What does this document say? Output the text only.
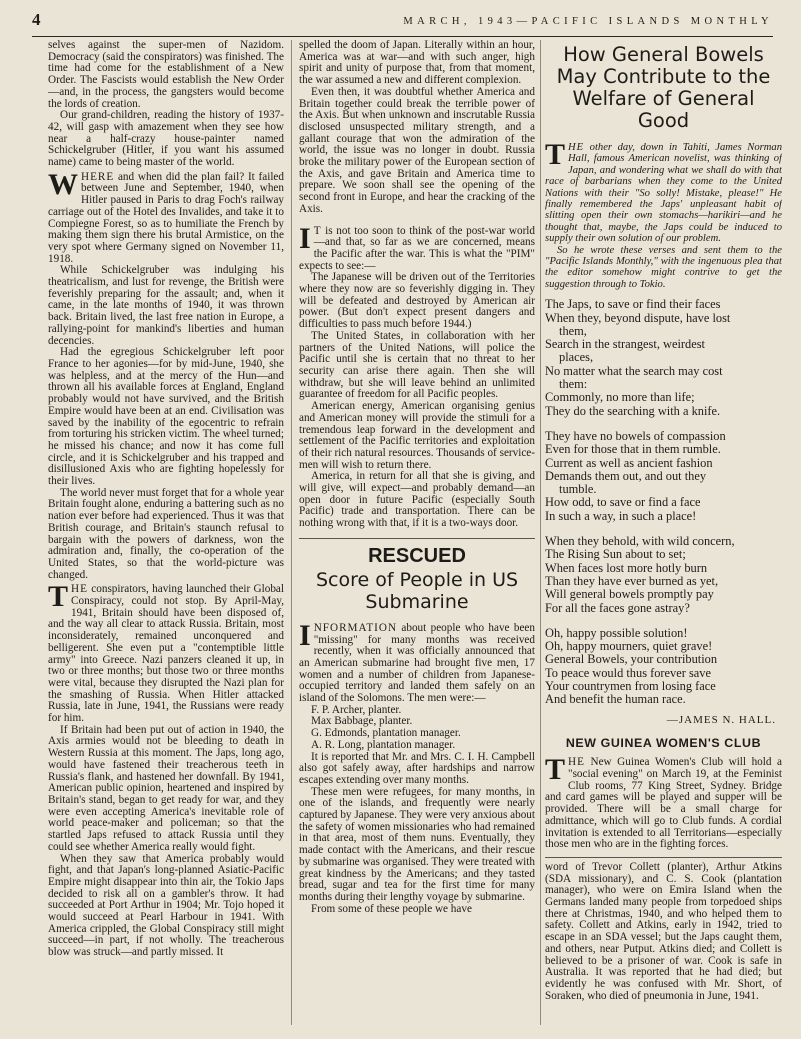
4	MARCH, 1943—PACIFIC ISLANDS MONTHLY

selves against the super-men of Nazidom. Democracy (said the conspirators) was finished. The time had come for the establishment of a New Order. The Fascists would establish the New Order—and, in the process, the gangsters would become the lords of creation.

Our grand-children, reading the history of 1937-42, will gasp with amazement when they see how near a half-crazy house-painter named Schickelgruber (Hitler, if you want his assumed name) came to being master of the world.

WHERE and when did the plan fail? It failed between June and September, 1940, when Hitler paused in Paris to drag Foch's railway carriage out of the Hotel des Invalides, and take it to Compiegne Forest, so as to humiliate the French by making them sign there his brutal Armistice, on the very spot where Germany signed on November 11, 1918.

While Schickelgruber was indulging his theatricalism, and lust for revenge, the British were feverishly preparing for the assault; and, when it came, in the late months of 1940, it was thrown back. Britain lived, the last free nation in Europe, a rallying-point for mankind's liberties and human decencies.

Had the egregious Schickelgruber left poor France to her agonies—for by mid-June, 1940, she was helpless, and at the mercy of the Hun—and thrown all his available forces at England, England probably would not have survived, and the British Empire would have been at an end. Civilisation was saved by the inability of the egocentric to refrain from torturing his stricken victim. The wheel turned; he missed his chance; and now it has come full circle, and it is Schickelgruber and his trapped and disillusioned Axis who are fighting hopelessly for their lives.

The world never must forget that for a whole year Britain fought alone, enduring a battering such as no nation ever before had experienced. Thus it was that British courage, and Britain's staunch refusal to bargain with the powers of darkness, won the admiration and, finally, the co-operation of the United States, so that the world-picture was changed.

THE conspirators, having launched their Global Conspiracy, could not stop. By April-May, 1941, Britain should have been disposed of, and the way all clear to attack Russia. Britain, most inconsiderately, remained unconquered and belligerent. She even put a "contemptible little army" into Greece. Nazi panzers cleaned it up, in two or three months; but those two or three months were vital, because they disrupted the Nazi plan for the smashing of Russia. When Hitler attacked Russia, late in June, 1941, the Russians were ready for him.

If Britain had been put out of action in 1940, the Axis armies would not be bleeding to death in Western Russia at this moment. The Japs, long ago, would have fastened their treacherous teeth in Russia's flank, and hastened her downfall. By 1941, American public opinion, heartened and inspired by Britain's stand, began to get ready for war, and they were even accepting America's inevitable role of world peace-maker and policeman; so that the startled Japs refused to attack Russia until they could see whether America really would fight.

When they saw that America probably would fight, and that Japan's long-planned Asiatic-Pacific Empire might disappear into thin air, the Tokio Japs decided to risk all on a gambler's throw. It had succeeded at Port Arthur in 1904; Mr. Tojo hoped it would succeed at Pearl Harbour in 1941. With America crippled, the Global Conspiracy still might succeed—in part, if not wholly. The treacherous blow was struck—and partly missed. It

spelled the doom of Japan. Literally within an hour, America was at war—and with such anger, high spirit and unity of purpose that, from that moment, the war assumed a new and different complexion.

Even then, it was doubtful whether America and Britain together could break the terrible power of the Axis. But when unknown and inscrutable Russia disclosed unsuspected military strength, and a gallant courage that won the admiration of the world, the issue was no longer in doubt. Russia broke the military power of the European section of the Axis, and gave Britain and America time to prepare. We soon shall see the opening of the second front in Europe, and hear the cracking of the Axis.

I T is not too soon to think of the post-war world—and that, so far as we are concerned, means the Pacific after the war. This is what the "PIM" expects to see:—

The Japanese will be driven out of the Territories where they now are so feverishly digging in. They will be defeated and destroyed by American air power. (But don't expect present dangers and difficulties to pass much before 1944.)

The United States, in collaboration with her partners of the United Nations, will police the Pacific until she is certain that no threat to her security can arise there again. Then she will withdraw, but she will leave behind an unlimited guarantee of freedom for all Pacific peoples.

American energy, American organising genius and American money will provide the stimuli for a tremendous leap forward in the development and settlement of the Pacific territories and exploitation of their rich natural resources. Thousands of service-men will wish to return there.

America, in return for all that she is giving, and will give, will expect—and probably demand—an open door in future Pacific (especially South Pacific) trade and transportation. There can be nothing wrong with that, if it is a two-ways door.

RESCUED
Score of People in US Submarine

INFORMATION about people who have been "missing" for many months was received recently, when it was officially announced that an American submarine had brought five men, 17 women and a number of children from Japanese-occupied territory and landed them safely on an island of the Solomons. The men were:—

F. P. Archer, planter.
Max Babbage, planter.
G. Edmonds, plantation manager.
A. R. Long, plantation manager.

It is reported that Mr. and Mrs. C. I. H. Campbell also got safely away, after hardships and narrow escapes extending over many months.

These men were refugees, for many months, in one of the islands, and frequently were nearly captured by Japanese. They were very anxious about the safety of women missionaries who had remained in that area, most of them nuns. Eventually, they made contact with the Americans, and their rescue by submarine was organised. They were treated with great kindness by the Americans; and they tasted bread, sugar and tea for the first time for many months during their lengthy voyage by submarine.

From some of these people we have

How General Bowels May Contribute to the Welfare of General Good

THE other day, down in Tahiti, James Norman Hall, famous American novelist, was thinking of Japan, and wondering what we shall do with that race of barbarians when they come to the United Nations with their "So solly! Mistake, please!" He finally remembered the Japs' unpleasant habit of slitting open their own stomachs—harikiri—and he thought that, maybe, the Japs could be induced to supply their own solution of our problem.

So he wrote these verses and sent them to the "Pacific Islands Monthly," with the ingenuous plea that the editor somehow might contrive to get the suggestion through to Tokio.

The Japs, to save or find their faces
When they, beyond dispute, have lost
them,
Search in the strangest, weirdest
places,
No matter what the search may cost
them:
Commonly, no more than life;
They do the searching with a knife.
They have no bowels of compassion
Even for those that in them rumble.
Current as well as ancient fashion
Demands them out, and out they
tumble.
How odd, to save or find a face
In such a way, in such a place!
When they behold, with wild concern,
The Rising Sun about to set;
When faces lost more hotly burn
Than they have ever burned as yet,
Will general bowels promptly pay
For all the faces gone astray?
Oh, happy possible solution!
Oh, happy mourners, quiet grave!
General Bowels, your contribution
To peace would thus forever save
Your countrymen from losing face
And benefit the human race.
—JAMES N. HALL.
NEW GUINEA WOMEN'S CLUB

THE New Guinea Women's Club will hold a "social evening" on March 19, at the Feminist Club rooms, 77 King Street, Sydney. Bridge and card games will be played and supper will be provided. There will be a small charge for admittance, which will go to Club funds. A cordial invitation is extended to all Territorians—especially those men who are in the fighting forces.

word of Trevor Collett (planter), Arthur Atkins (SDA missionary), and C. S. Cook (plantation manager), who were on Emira Island when the Germans landed many people from torpedoed ships there at Christmas, 1940, and who helped them to safety. Collett and Atkins, early in 1942, tried to escape in an SDA vessel; but the Japs caught them, and others, near Putput. Atkins died; and Collett is believed to be a prisoner of war. Cook is safe in Australia. It was reported that he had died; but evidently he was confused with Mr. Short, of Soraken, who died of pneumonia in June, 1941.
